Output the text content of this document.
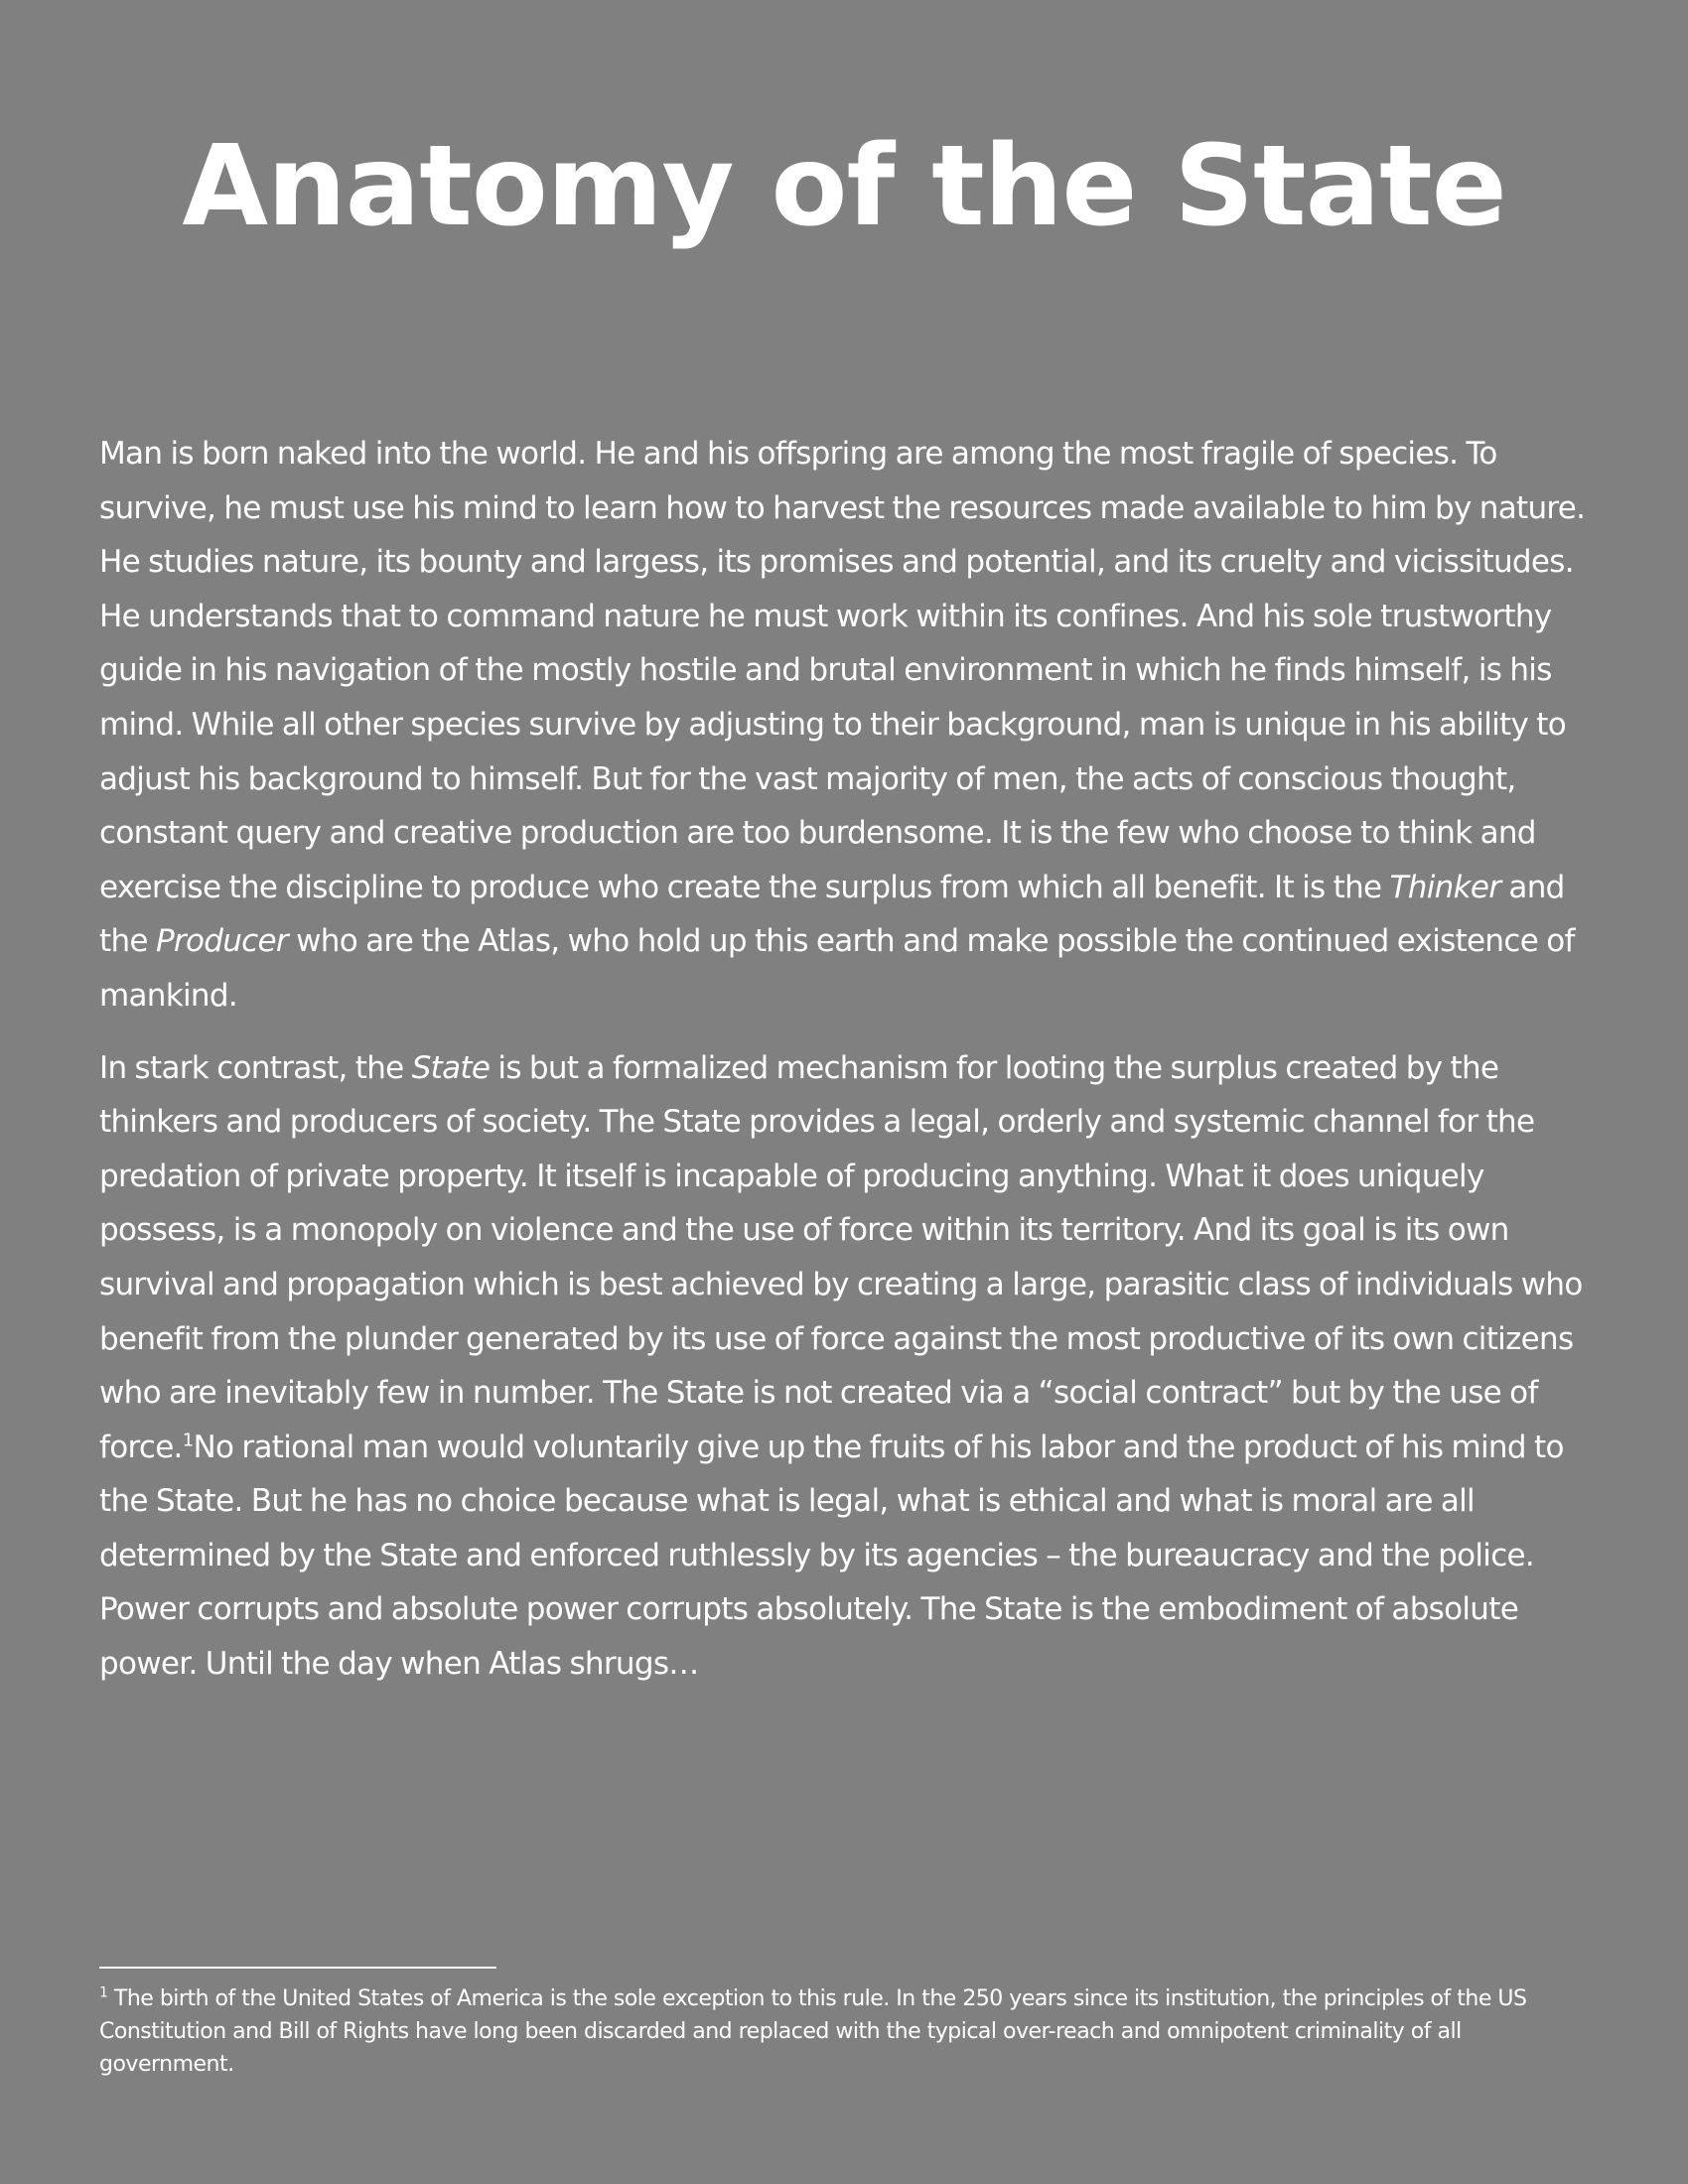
Anatomy of the State

Man is born naked into the world. He and his offspring are among the most fragile of species. To survive, he must use his mind to learn how to harvest the resources made available to him by nature. He studies nature, its bounty and largess, its promises and potential, and its cruelty and vicissitudes. He understands that to command nature he must work within its confines. And his sole trustworthy guide in his navigation of the mostly hostile and brutal environment in which he finds himself, is his mind. While all other species survive by adjusting to their background, man is unique in his ability to adjust his background to himself. But for the vast majority of men, the acts of conscious thought, constant query and creative production are too burdensome. It is the few who choose to think and exercise the discipline to produce who create the surplus from which all benefit. It is the Thinker and the Producer who are the Atlas, who hold up this earth and make possible the continued existence of mankind.

In stark contrast, the State is but a formalized mechanism for looting the surplus created by the thinkers and producers of society. The State provides a legal, orderly and systemic channel for the predation of private property. It itself is incapable of producing anything. What it does uniquely possess, is a monopoly on violence and the use of force within its territory. And its goal is its own survival and propagation which is best achieved by creating a large, parasitic class of individuals who benefit from the plunder generated by its use of force against the most productive of its own citizens who are inevitably few in number. The State is not created via a “social contract” but by the use of force.$^1$No rational man would voluntarily give up the fruits of his labor and the product of his mind to the State. But he has no choice because what is legal, what is ethical and what is moral are all determined by the State and enforced ruthlessly by its agencies – the bureaucracy and the police. Power corrupts and absolute power corrupts absolutely. The State is the embodiment of absolute power. Until the day when Atlas shrugs…

$^1$ The birth of the United States of America is the sole exception to this rule. In the 250 years since its institution, the principles of the US Constitution and Bill of Rights have long been discarded and replaced with the typical over-reach and omnipotent criminality of all government.
